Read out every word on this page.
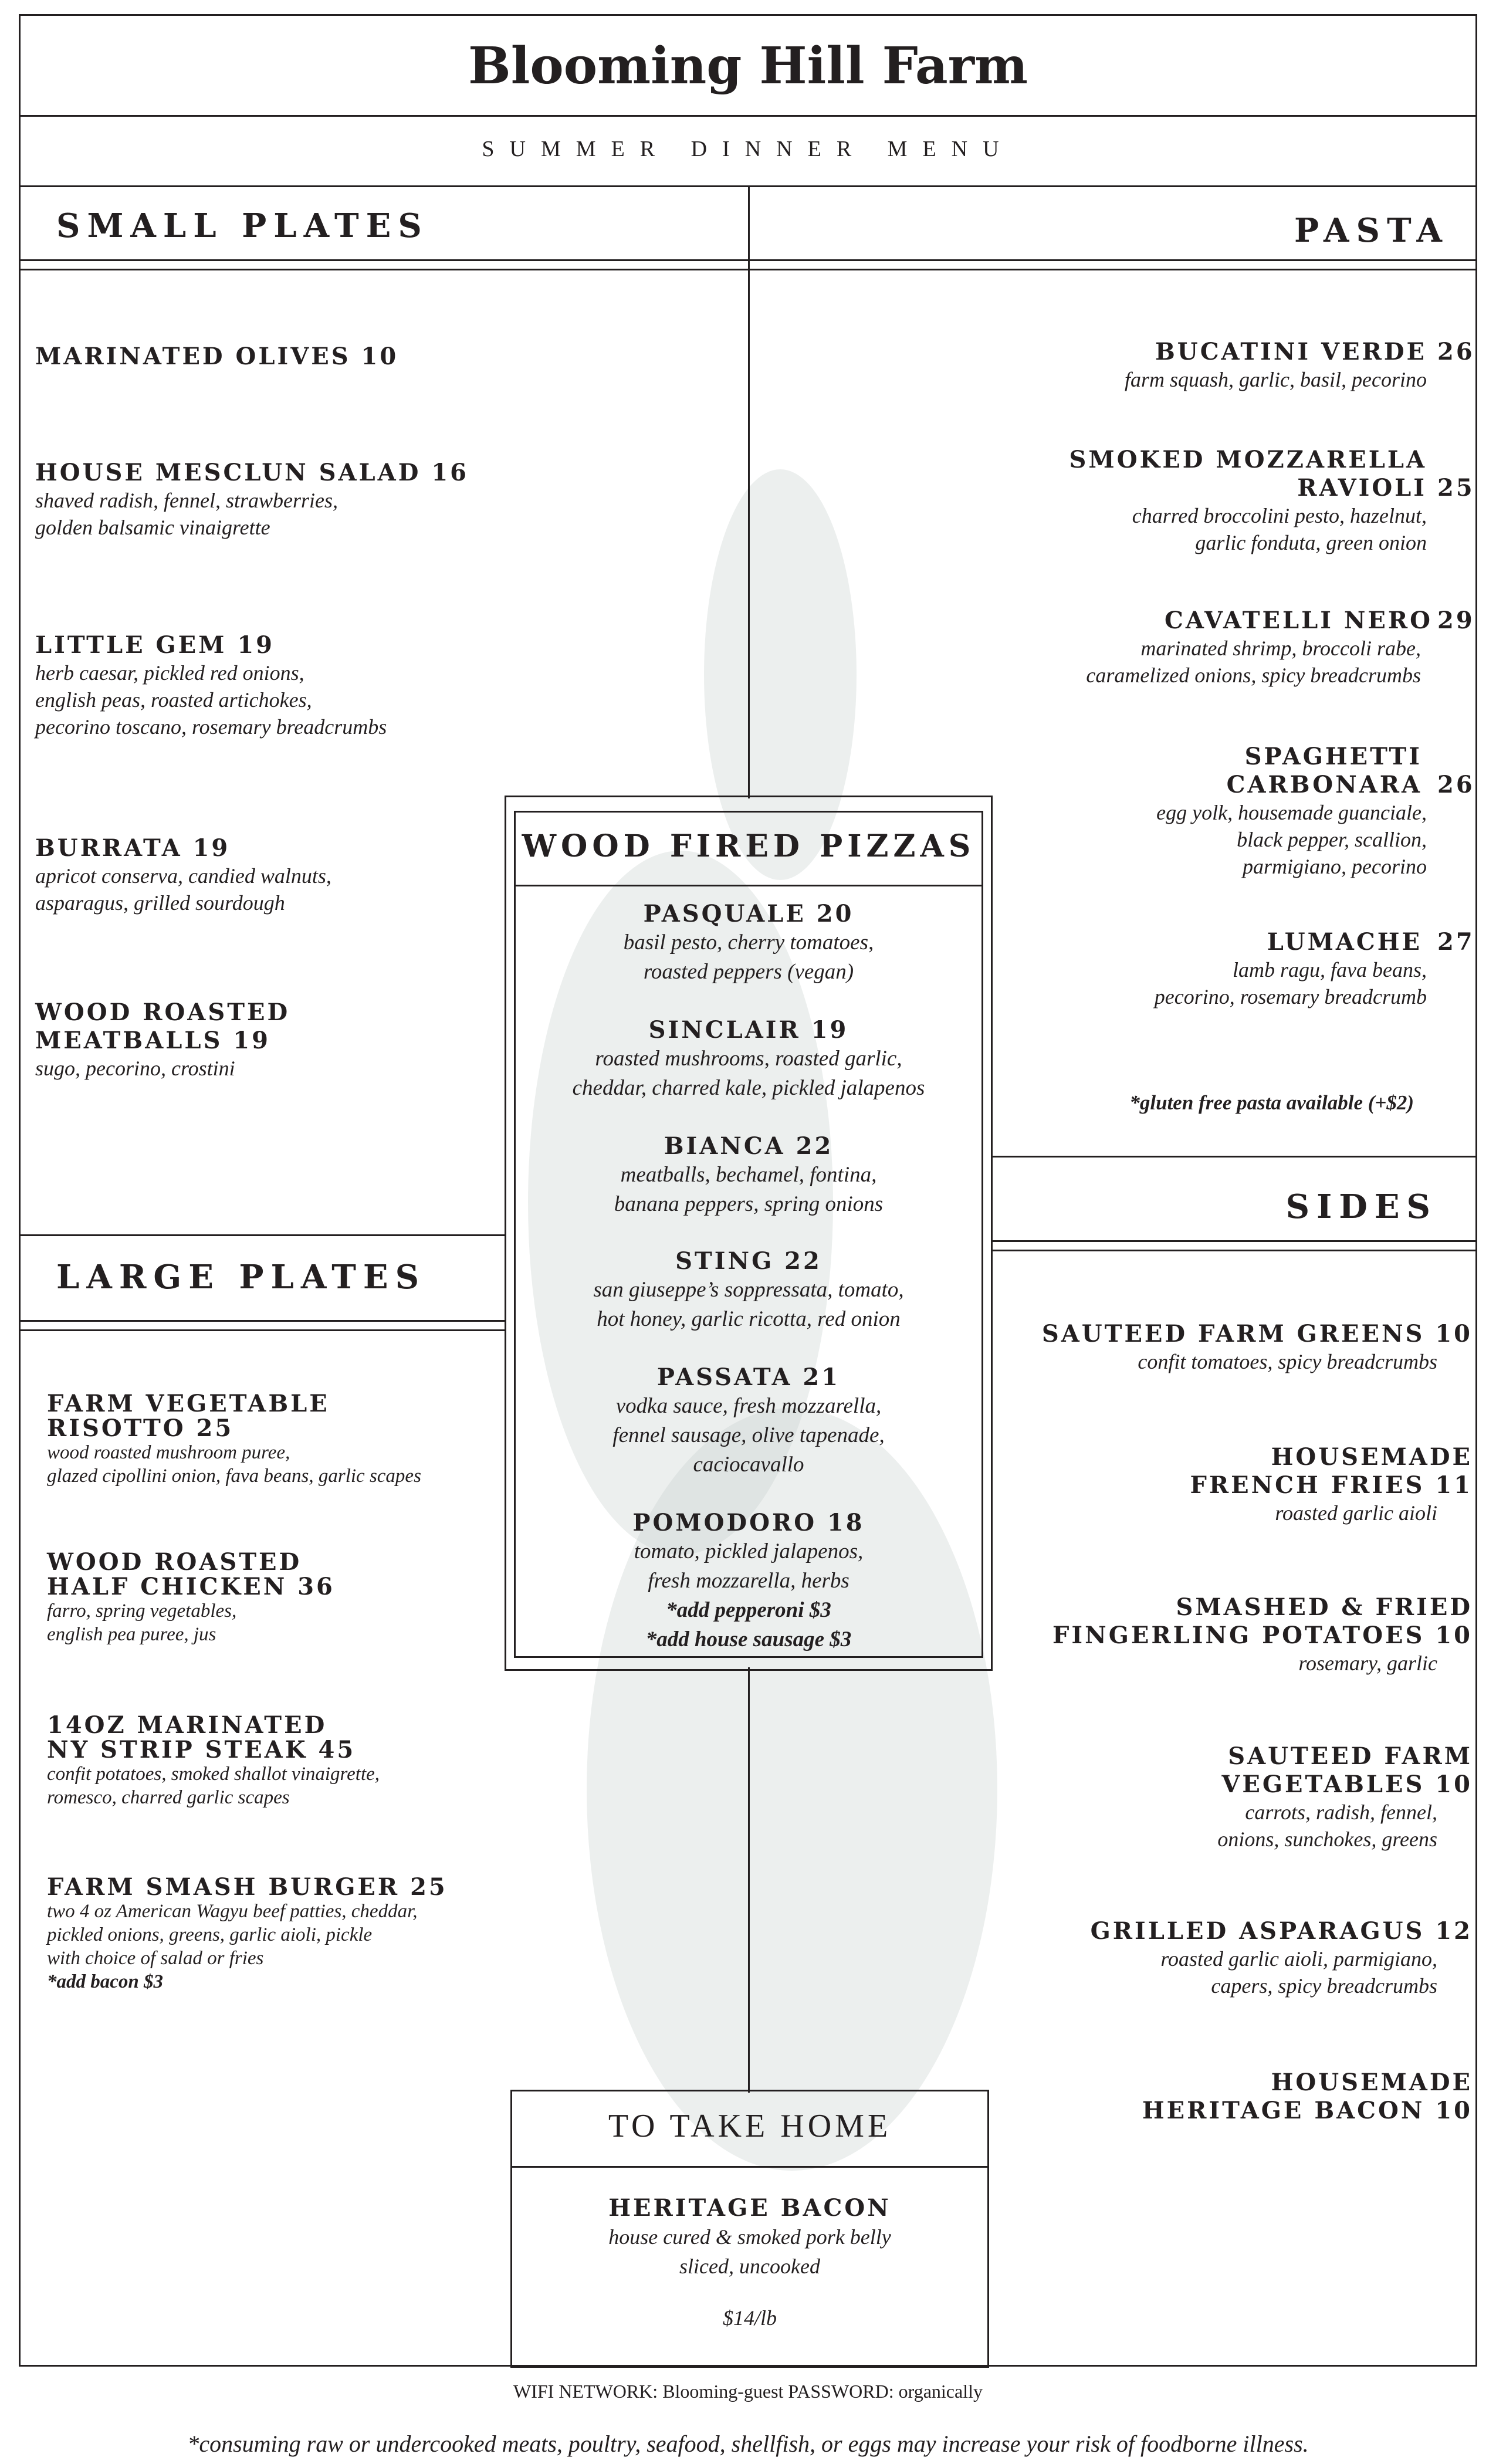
Blooming Hill Farm
SUMMER DINNER MENU
SMALL PLATES
MARINATED OLIVES 10
HOUSE MESCLUN SALAD 16
shaved radish, fennel, strawberries,
golden balsamic vinaigrette
LITTLE GEM 19
herb caesar, pickled red onions,
english peas, roasted artichokes,
pecorino toscano, rosemary breadcrumbs
BURRATA 19
apricot conserva, candied walnuts,
asparagus, grilled sourdough
WOOD ROASTED
MEATBALLS 19
sugo, pecorino, crostini
LARGE PLATES
FARM VEGETABLE
RISOTTO 25
wood roasted mushroom puree,
glazed cipollini onion, fava beans, garlic scapes
WOOD ROASTED
HALF CHICKEN 36
farro, spring vegetables,
english pea puree, jus
14OZ MARINATED
NY STRIP STEAK 45
confit potatoes, smoked shallot vinaigrette,
romesco, charred garlic scapes
FARM SMASH BURGER 25
two 4 oz American Wagyu beef patties, cheddar,
pickled onions, greens, garlic aioli, pickle
with choice of salad or fries
*add bacon $3
PASTA
BUCATINI VERDE 26
farm squash, garlic, basil, pecorino
SMOKED MOZZARELLA
RAVIOLI 25
charred broccolini pesto, hazelnut,
garlic fonduta, green onion
CAVATELLI NERO 29
marinated shrimp, broccoli rabe,
caramelized onions, spicy breadcrumbs
SPAGHETTI
CARBONARA 26
egg yolk, housemade guanciale,
black pepper, scallion,
parmigiano, pecorino
LUMACHE 27
lamb ragu, fava beans,
pecorino, rosemary breadcrumb
*gluten free pasta available (+$2)
SIDES
SAUTEED FARM GREENS 10
confit tomatoes, spicy breadcrumbs
HOUSEMADE
FRENCH FRIES 11
roasted garlic aioli
SMASHED & FRIED
FINGERLING POTATOES 10
rosemary, garlic
SAUTEED FARM
VEGETABLES 10
carrots, radish, fennel,
onions, sunchokes, greens
GRILLED ASPARAGUS 12
roasted garlic aioli, parmigiano,
capers, spicy breadcrumbs
HOUSEMADE
HERITAGE BACON 10
WOOD FIRED PIZZAS
PASQUALE 20
basil pesto, cherry tomatoes,
roasted peppers (vegan)
SINCLAIR 19
roasted mushrooms, roasted garlic,
cheddar, charred kale, pickled jalapenos
BIANCA 22
meatballs, bechamel, fontina,
banana peppers, spring onions
STING 22
san giuseppe’s soppressata, tomato,
hot honey, garlic ricotta, red onion
PASSATA 21
vodka sauce, fresh mozzarella,
fennel sausage, olive tapenade,
caciocavallo
POMODORO 18
tomato, pickled jalapenos,
fresh mozzarella, herbs
*add pepperoni $3
*add house sausage $3
TO TAKE HOME
HERITAGE BACON
house cured & smoked pork belly
sliced, uncooked
$14/lb
WIFI NETWORK: Blooming-guest PASSWORD: organically
*consuming raw or undercooked meats, poultry, seafood, shellfish, or eggs may increase your risk of foodborne illness.
